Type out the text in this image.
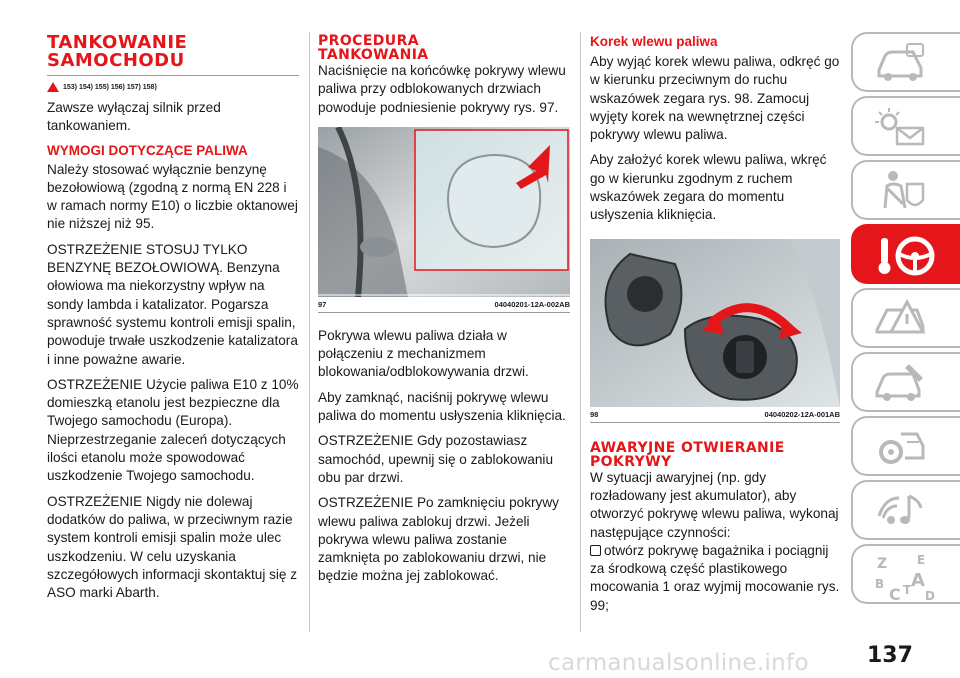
TANKOWANIE
SAMOCHODU
153) 154) 155) 156) 157) 158)

Zawsze wyłączaj silnik przed tankowaniem.

WYMOGI DOTYCZĄCE PALIWA

Należy stosować wyłącznie benzynę bezołowiową (zgodną z normą EN 228 i w ramach normy E10) o liczbie oktanowej nie niższej niż 95.

OSTRZEŻENIE STOSUJ TYLKO BENZYNĘ BEZOŁOWIOWĄ. Benzyna ołowiowa ma niekorzystny wpływ na sondy lambda i katalizator. Pogarsza sprawność systemu kontroli emisji spalin, powoduje trwałe uszkodzenie katalizatora i inne poważne awarie.

OSTRZEŻENIE Użycie paliwa E10 z 10% domieszką etanolu jest bezpieczne dla Twojego samochodu (Europa). Nieprzestrzeganie zaleceń dotyczących ilości etanolu może spowodować uszkodzenie Twojego samochodu.

OSTRZEŻENIE Nigdy nie dolewaj dodatków do paliwa, w przeciwnym razie system kontroli emisji spalin może ulec uszkodzeniu. W celu uzyskania szczegółowych informacji skontaktuj się z ASO marki Abarth.

PROCEDURA
TANKOWANIA

Naciśnięcie na końcówkę pokrywy wlewu paliwa przy odblokowanych drzwiach powoduje podniesienie pokrywy rys. 97.

97	04040201-12A-002AB

Pokrywa wlewu paliwa działa w połączeniu z mechanizmem blokowania/odblokowywania drzwi.

Aby zamknąć, naciśnij pokrywę wlewu paliwa do momentu usłyszenia kliknięcia.

OSTRZEŻENIE Gdy pozostawiasz samochód, upewnij się o zablokowaniu obu par drzwi.

OSTRZEŻENIE Po zamknięciu pokrywy wlewu paliwa zablokuj drzwi. Jeżeli pokrywa wlewu paliwa zostanie zamknięta po zablokowaniu drzwi, nie będzie można jej zablokować.

Korek wlewu paliwa

Aby wyjąć korek wlewu paliwa, odkręć go w kierunku przeciwnym do ruchu wskazówek zegara rys. 98. Zamocuj wyjęty korek na wewnętrznej części pokrywy wlewu paliwa.

Aby założyć korek wlewu paliwa, wkręć go w kierunku zgodnym z ruchem wskazówek zegara do momentu usłyszenia kliknięcia.

98	04040202-12A-001AB
AWARYJNE OTWIERANIE
POKRYWY

W sytuacji awaryjnej (np. gdy rozładowany jest akumulator), aby otworzyć pokrywę wlewu paliwa, wykonaj następujące czynności:

otwórz pokrywę bagażnika i pociągnij za środkową część plastikowego mocowania 1 oraz wyjmij mocowanie rys. 99;

Z E
B A
C T D
carmanualsonline.info	137
